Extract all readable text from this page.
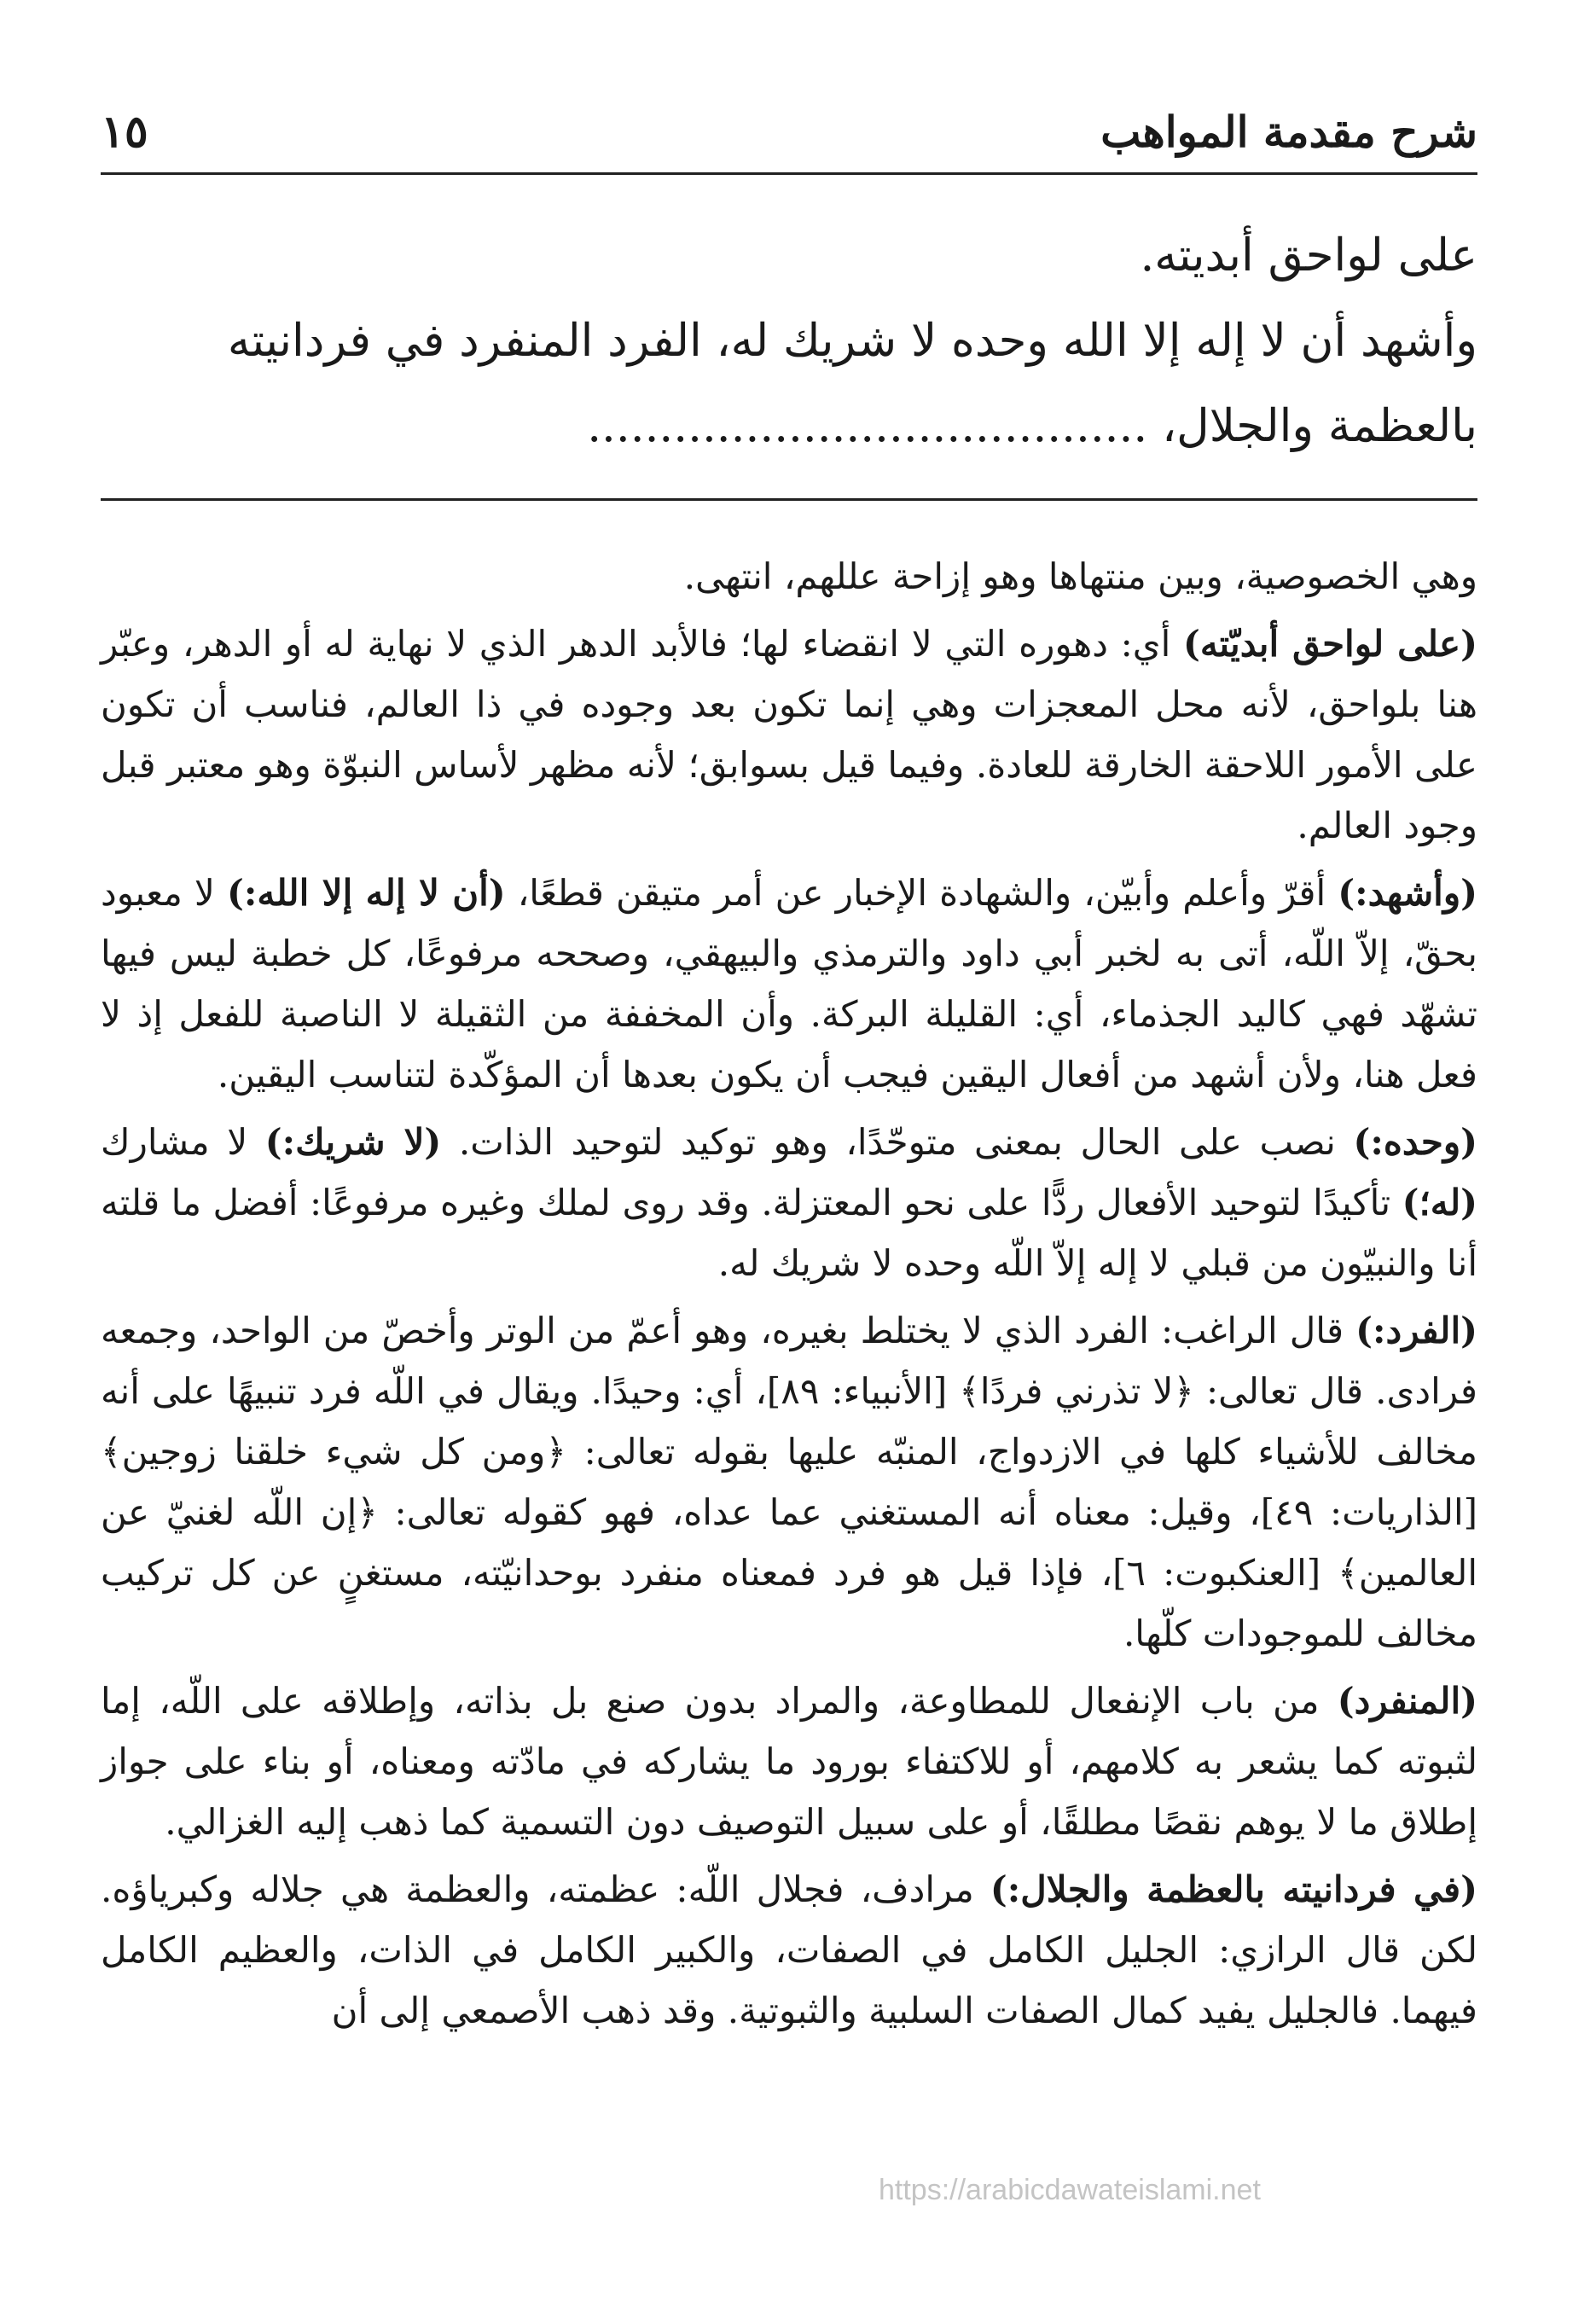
شرح مقدمة المواهب
١٥

على لواحق أبديته.

وأشهد أن لا إله إلا الله وحده لا شريك له، الفرد المنفرد في فردانيته

بالعظمة والجلال، .......................................

وهي الخصوصية، وبين منتهاها وهو إزاحة عللهم، انتهى.

(على لواحق أبديّته) أي: دهوره التي لا انقضاء لها؛ فالأبد الدهر الذي لا نهاية له أو الدهر، وعبّر هنا بلواحق، لأنه محل المعجزات وهي إنما تكون بعد وجوده في ذا العالم، فناسب أن تكون على الأمور اللاحقة الخارقة للعادة. وفيما قيل بسوابق؛ لأنه مظهر لأساس النبوّة وهو معتبر قبل وجود العالم.

(وأشهد:) أقرّ وأعلم وأبيّن، والشهادة الإخبار عن أمر متيقن قطعًا، (أن لا إله إلا الله:) لا معبود بحقّ، إلاّ اللّه، أتى به لخبر أبي داود والترمذي والبيهقي، وصححه مرفوعًا، كل خطبة ليس فيها تشهّد فهي كاليد الجذماء، أي: القليلة البركة. وأن المخففة من الثقيلة لا الناصبة للفعل إذ لا فعل هنا، ولأن أشهد من أفعال اليقين فيجب أن يكون بعدها أن المؤكّدة لتناسب اليقين.

(وحده:) نصب على الحال بمعنى متوحّدًا، وهو توكيد لتوحيد الذات. (لا شريك:) لا مشارك (له؛) تأكيدًا لتوحيد الأفعال ردًّا على نحو المعتزلة. وقد روى لملك وغيره مرفوعًا: أفضل ما قلته أنا والنبيّون من قبلي لا إله إلاّ اللّه وحده لا شريك له.

(الفرد:) قال الراغب: الفرد الذي لا يختلط بغيره، وهو أعمّ من الوتر وأخصّ من الواحد، وجمعه فرادى. قال تعالى: ﴿لا تذرني فردًا﴾ [الأنبياء: ٨٩]، أي: وحيدًا. ويقال في اللّه فرد تنبيهًا على أنه مخالف للأشياء كلها في الازدواج، المنبّه عليها بقوله تعالى: ﴿ومن كل شيء خلقنا زوجين﴾ [الذاريات: ٤٩]، وقيل: معناه أنه المستغني عما عداه، فهو كقوله تعالى: ﴿إن اللّه لغنيّ عن العالمين﴾ [العنكبوت: ٦]، فإذا قيل هو فرد فمعناه منفرد بوحدانيّته، مستغنٍ عن كل تركيب مخالف للموجودات كلّها.

(المنفرد) من باب الإنفعال للمطاوعة، والمراد بدون صنع بل بذاته، وإطلاقه على اللّه، إما لثبوته كما يشعر به كلامهم، أو للاكتفاء بورود ما يشاركه في مادّته ومعناه، أو بناء على جواز إطلاق ما لا يوهم نقصًا مطلقًا، أو على سبيل التوصيف دون التسمية كما ذهب إليه الغزالي.

(في فردانيته بالعظمة والجلال:) مرادف، فجلال اللّه: عظمته، والعظمة هي جلاله وكبرياؤه. لكن قال الرازي: الجليل الكامل في الصفات، والكبير الكامل في الذات، والعظيم الكامل فيهما. فالجليل يفيد كمال الصفات السلبية والثبوتية. وقد ذهب الأصمعي إلى أن

https://arabicdawateislami.net
